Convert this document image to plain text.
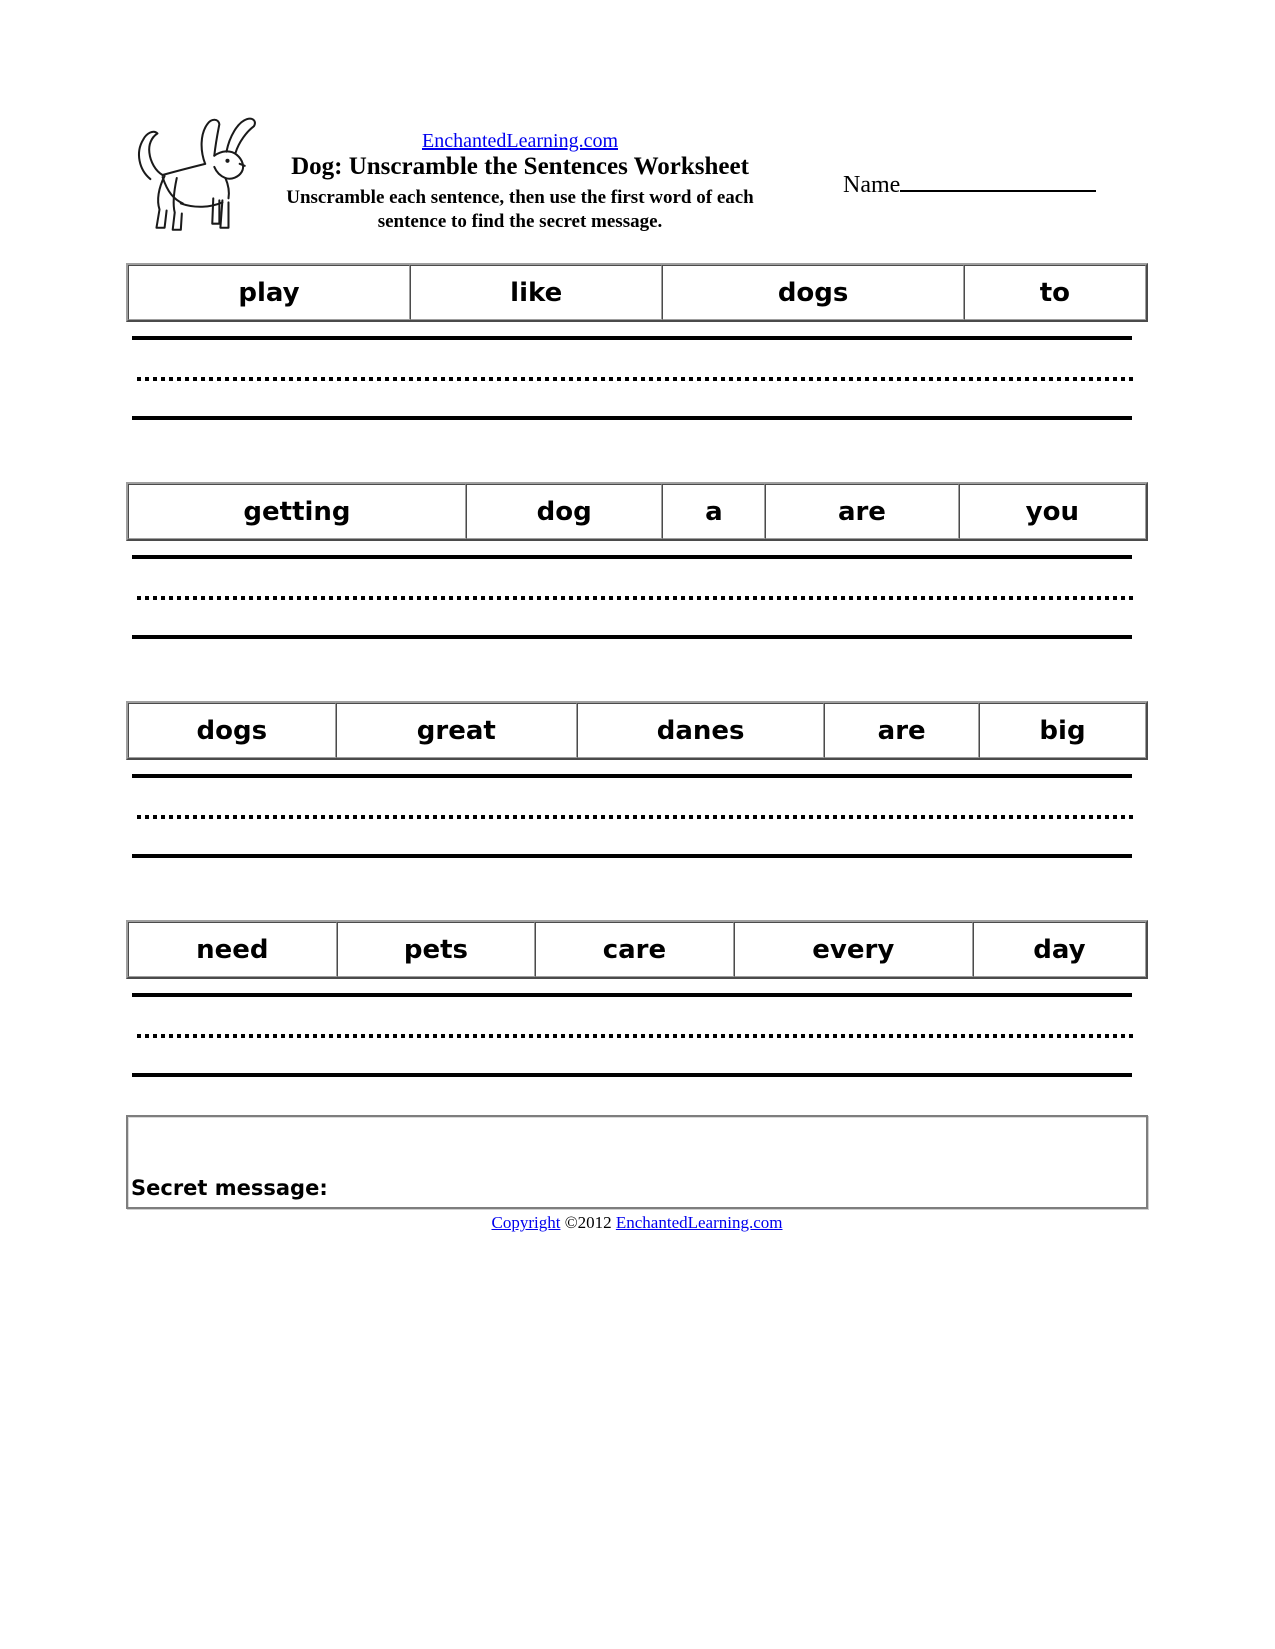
EnchantedLearning.com
Dog: Unscramble the Sentences Worksheet
Unscramble each sentence, then use the first word of each
sentence to find the secret message.
Name
play	like	dogs	to
getting	dog	a	are	you
dogs	great	danes	are	big
need	pets	care	every	day
Secret message:
Copyright ©2012 EnchantedLearning.com
